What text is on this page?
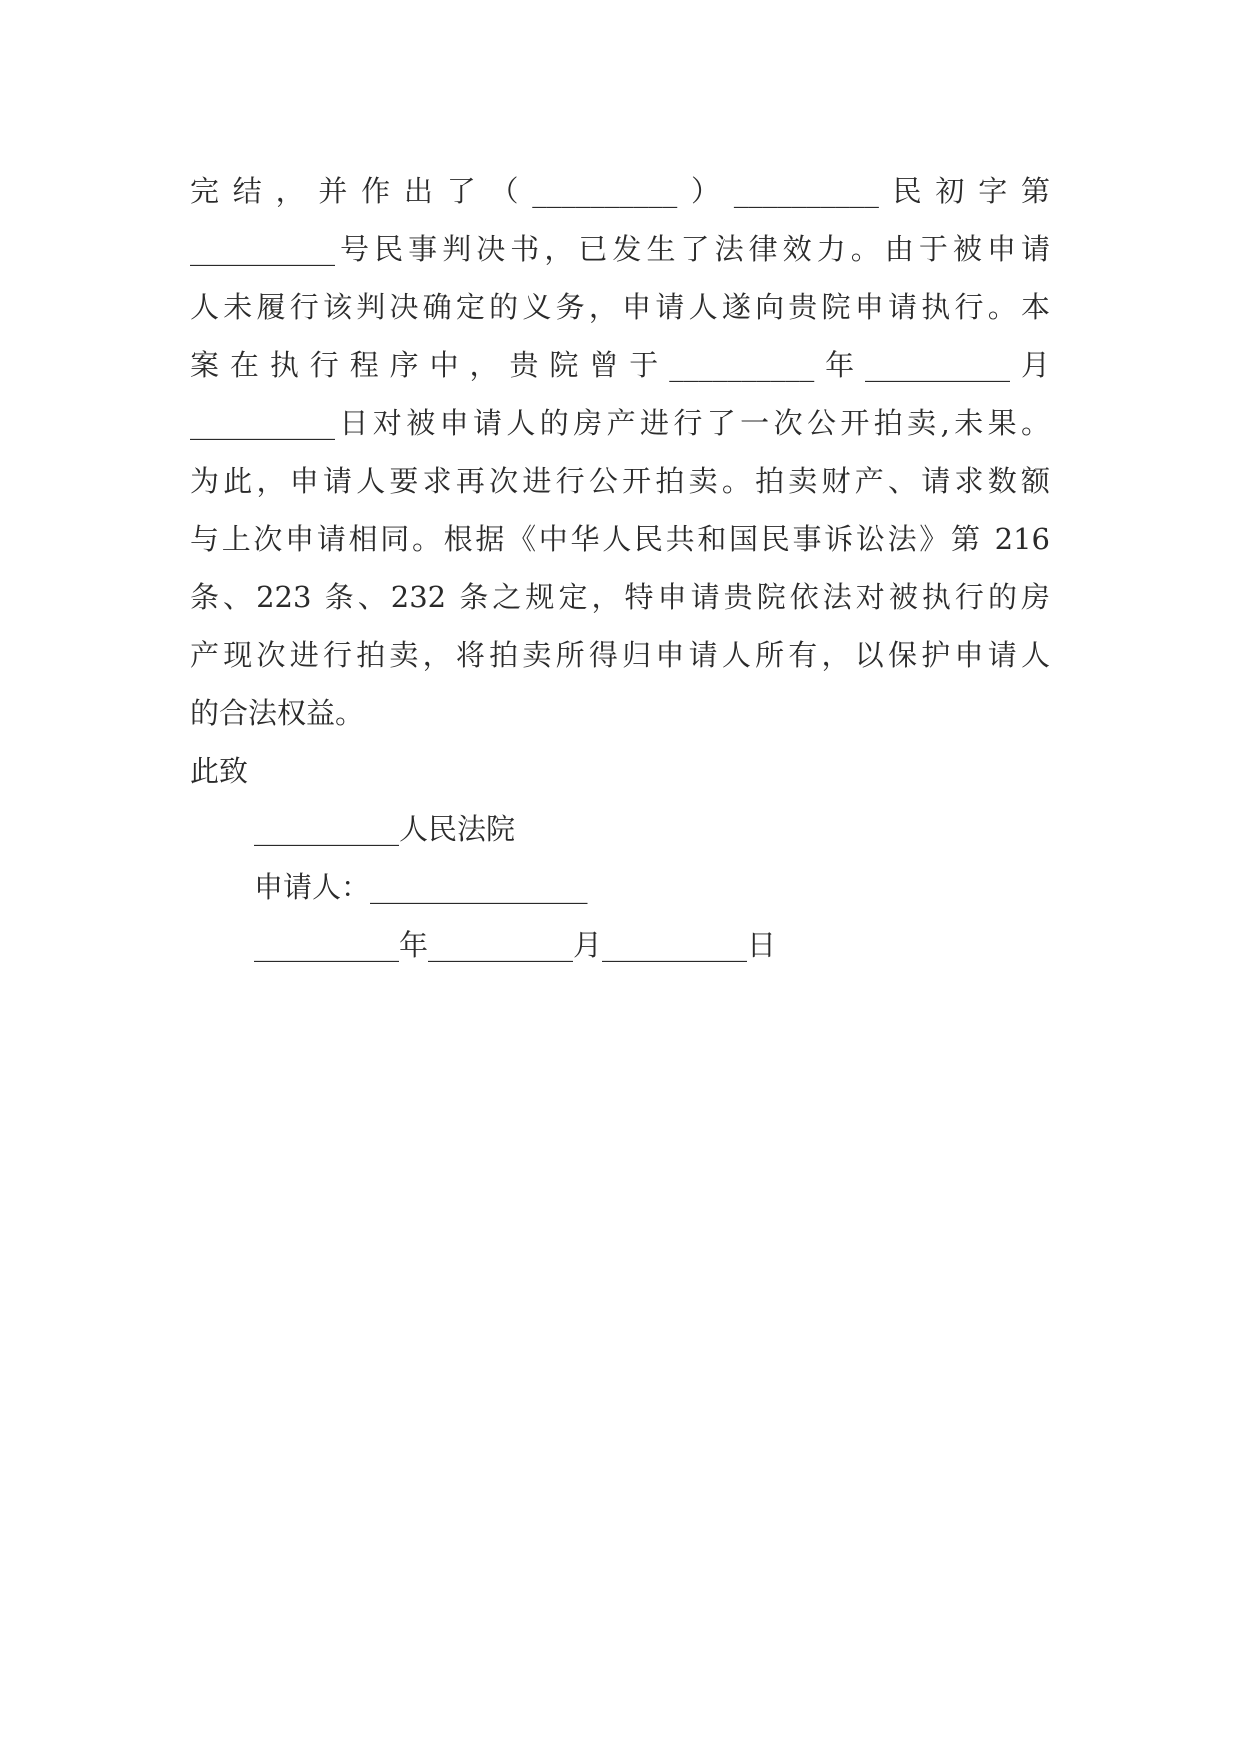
完结，并作出了（__________）__________民初字第
__________号民事判决书，已发生了法律效力。由于被申请
人未履行该判决确定的义务，申请人遂向贵院申请执行。本
案在执行程序中，贵院曾于__________年__________月
__________日对被申请人的房产进行了一次公开拍卖,未果。
为此，申请人要求再次进行公开拍卖。拍卖财产、请求数额
与上次申请相同。根据《中华人民共和国民事诉讼法》第 216
条、223 条、232 条之规定，特申请贵院依法对被执行的房
产现次进行拍卖，将拍卖所得归申请人所有，以保护申请人
的合法权益。
此致
__________人民法院
申请人：_______________
__________年__________月__________日
